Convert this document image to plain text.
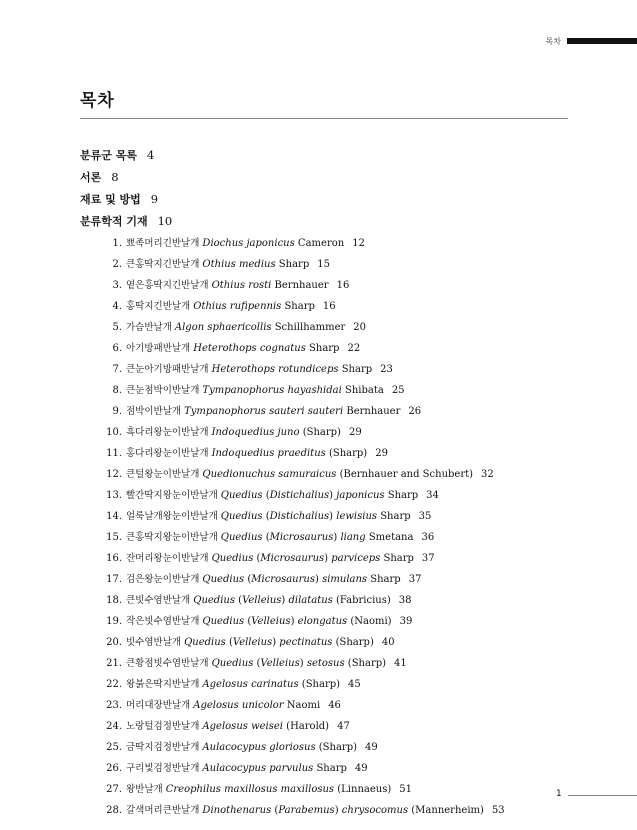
목차
목차
분류군 목록 4
서론 8
재료 및 방법 9
분류학적 기재 10
1. 뾰족머리긴반날개 Diochus japonicus Cameron 12
2. 큰홍딱지긴반날개 Othius medius Sharp 15
3. 옅은홍딱지긴반날개 Othius rosti Bernhauer 16
4. 홍딱지긴반날개 Othius rufipennis Sharp 16
5. 가슴반날개 Algon sphaericollis Schillhammer 20
6. 아기방패반날개 Heterothops cognatus Sharp 22
7. 큰눈아기방패반날개 Heterothops rotundiceps Sharp 23
8. 큰눈점박이반날개 Tympanophorus hayashidai Shibata 25
9. 점박이반날개 Tympanophorus sauteri sauteri Bernhauer 26
10. 흑다리왕눈이반날개 Indoquedius juno (Sharp) 29
11. 홍다리왕눈이반날개 Indoquedius praeditus (Sharp) 29
12. 큰털왕눈이반날개 Quedionuchus samuraicus (Bernhauer and Schubert) 32
13. 빨간딱지왕눈이반날개 Quedius (Distichalius) japonicus Sharp 34
14. 얼룩날개왕눈이반날개 Quedius (Distichalius) lewisius Sharp 35
15. 큰홍딱지왕눈이반날개 Quedius (Microsaurus) liang Smetana 36
16. 잔머리왕눈이반날개 Quedius (Microsaurus) parviceps Sharp 37
17. 검은왕눈이반날개 Quedius (Microsaurus) simulans Sharp 37
18. 큰빗수염반날개 Quedius (Velleius) dilatatus (Fabricius) 38
19. 작은빗수염반날개 Quedius (Velleius) elongatus (Naomi) 39
20. 빗수염반날개 Quedius (Velleius) pectinatus (Sharp) 40
21. 큰황점빗수염반날개 Quedius (Velleius) setosus (Sharp) 41
22. 왕붉은딱지반날개 Agelosus carinatus (Sharp) 45
23. 머리대장반날개 Agelosus unicolor Naomi 46
24. 노랑털검정반날개 Agelosus weisei (Harold) 47
25. 금딱지검정반날개 Aulacocypus gloriosus (Sharp) 49
26. 구리빛검정반날개 Aulacocypus parvulus Sharp 49
27. 왕반날개 Creophilus maxillosus maxillosus (Linnaeus) 51
28. 갈색머리큰반날개 Dinothenarus (Parabemus) chrysocomus (Mannerheim) 53
1
